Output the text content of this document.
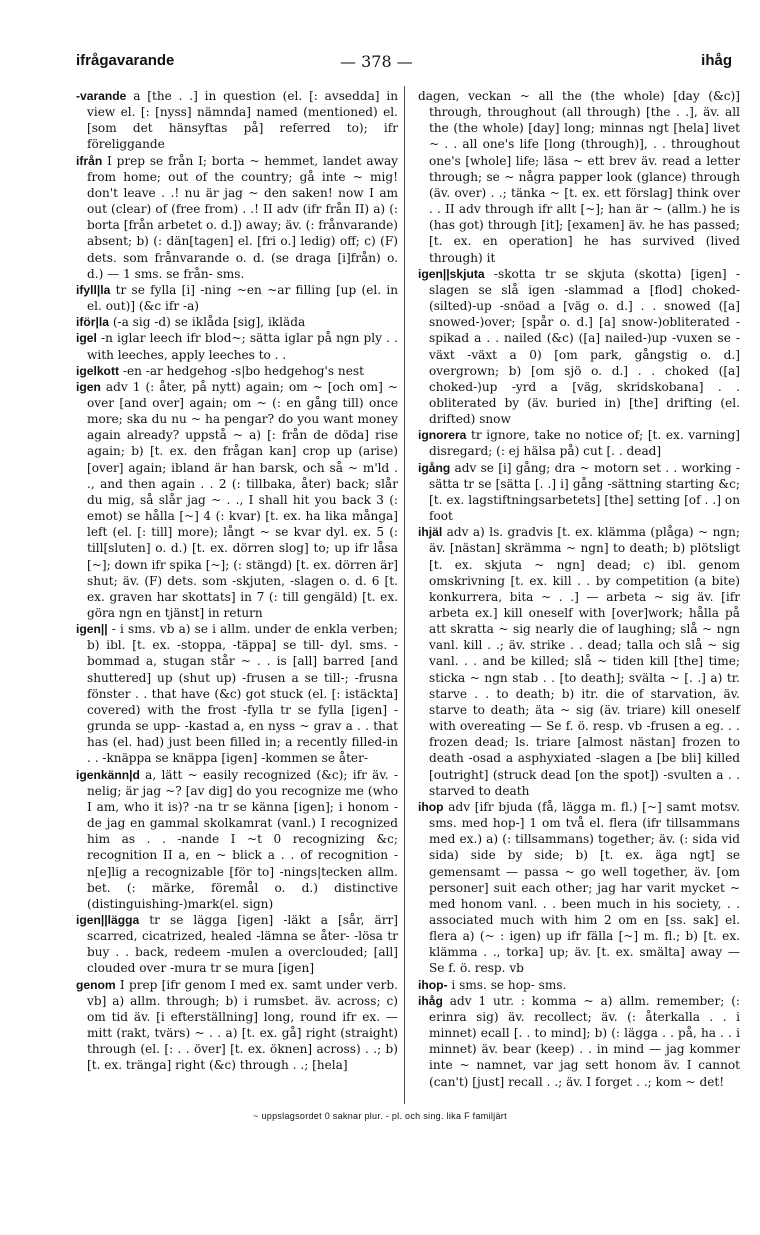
ifrågavarande	— 378 —	ihåg
-varande a [the . .] in question (el. [: avsedda] in view el. [: [nyss] nämnda] named (mentioned) el. [som det hänsyftas på] referred to); ifr föreliggande
ifrån I prep se från I; borta ~ hemmet, landet away from home; out of the country; gå inte ~ mig! don't leave . .! nu är jag ~ den saken! now I am out (clear) of (free from) . .! II adv (ifr från II) a) (: borta [från arbetet o. d.]) away; äv. (: frånvarande) absent; b) (: dän[tagen] el. [fri o.] ledig) off; c) (F) dets. som frånvarande o. d. (se draga [i]från) o. d.) — 1 sms. se från- sms.
ifyll|la tr se fylla [i] -ning ~en ~ar filling [up (el. in el. out)] (&c ifr -a)
iför|la (-a sig -d) se iklåda [sig], ikläda
igel -n iglar leech ifr blod~; sätta iglar på ngn ply . . with leeches, apply leeches to . .
igelkott -en -ar hedgehog -s|bo hedgehog's nest
igen adv 1 (: åter, på nytt) again; om ~ [och om] ~ over [and over] again; om ~ (: en gång till) once more; ska du nu ~ ha pengar? do you want money again already? uppstå ~ a) [: från de döda] rise again; b) [t. ex. den frågan kan] crop up (arise) [over] again; ibland är han barsk, och så ~ m'ld . ., and then again . . 2 (: tillbaka, åter) back; slår du mig, så slår jag ~ . ., I shall hit you back 3 (: emot) se hålla [~] 4 (: kvar) [t. ex. ha lika många] left (el. [: till] more); långt ~ se kvar dyl. ex. 5 (: till[sluten] o. d.) [t. ex. dörren slog] to; up ifr låsa [~]; down ifr spika [~]; (: stängd) [t. ex. dörren är] shut; äv. (F) dets. som -skjuten, -slagen o. d. 6 [t. ex. graven har skottats] in 7 (: till gengäld) [t. ex. göra ngn en tjänst] in return
igen|| - i sms. vb a) se i allm. under de enkla verben; b) ibl. [t. ex. -stoppa, -täppa] se till- dyl. sms. -bommad a, stugan står ~ . . is [all] barred [and shuttered] up (shut up) -frusen a se till-; -frusna fönster . . that have (&c) got stuck (el. [: istäckta] covered) with the frost -fylla tr se fylla [igen] -grunda se upp- -kastad a, en nyss ~ grav a . . that has (el. had) just been filled in; a recently filled-in . . -knäppa se knäppa [igen] -kommen se åter-
igenkänn|d a, lätt ~ easily recognized (&c); ifr äv. -nelig; är jag ~? [av dig] do you recognize me (who I am, who it is)? -na tr se känna [igen]; i honom -de jag en gammal skolkamrat (vanl.) I recognized him as . . -nande I ~t 0 recognizing &c; recognition II a, en ~ blick a . . of recognition -n[e]lig a recognizable [för to] -nings|tecken allm. bet. (: märke, föremål o. d.) distinctive (distinguishing-)mark(el. sign)
igen||lägga tr se lägga [igen] -läkt a [sår, ärr] scarred, cicatrized, healed -lämna se åter- -lösa tr buy . . back, redeem -mulen a overclouded; [all] clouded over -mura tr se mura [igen]
genom I prep [ifr genom I med ex. samt under verb. vb] a) allm. through; b) i rumsbet. äv. across; c) om tid äv. [i efterställning] long, round ifr ex. — mitt (rakt, tvärs) ~ . . a) [t. ex. gå] right (straight) through (el. [: . . över] [t. ex. öknen] across) . .; b) [t. ex. tränga] right (&c) through . .; [hela]
dagen, veckan ~ all the (the whole) [day (&c)] through, throughout (all through) [the . .], äv. all the (the whole) [day] long; minnas ngt [hela] livet ~ . . all one's life [long (through)], . . throughout one's [whole] life; läsa ~ ett brev äv. read a letter through; se ~ några papper look (glance) through (äv. over) . .; tänka ~ [t. ex. ett förslag] think over . . II adv through ifr allt [~]; han är ~ (allm.) he is (has got) through [it]; [examen] äv. he has passed; [t. ex. en operation] he has survived (lived through) it
igen||skjuta -skotta tr se skjuta (skotta) [igen] -slagen se slå igen -slammad a [flod] choked-(silted)-up -snöad a [väg o. d.] . . snowed ([a] snowed-)over; [spår o. d.] [a] snow-)obliterated -spikad a . . nailed (&c) ([a] nailed-)up -vuxen se -växt -växt a 0) [om park, gångstig o. d.] overgrown; b) [om sjö o. d.] . . choked ([a] choked-)up -yrd a [väg, skridskobana] . . obliterated by (äv. buried in) [the] drifting (el. drifted) snow
ignorera tr ignore, take no notice of; [t. ex. varning] disregard; (: ej hälsa på) cut [. . dead]
igång adv se [i] gång; dra ~ motorn set . . working -sätta tr se [sätta [. .] i] gång -sättning starting &c; [t. ex. lagstiftningsarbetets] [the] setting [of . .] on foot
ihjäl adv a) ls. gradvis [t. ex. klämma (plåga) ~ ngn; äv. [nästan] skrämma ~ ngn] to death; b) plötsligt [t. ex. skjuta ~ ngn] dead; c) ibl. genom omskrivning [t. ex. kill . . by competition (a bite) konkurrera, bita ~ . .] — arbeta ~ sig äv. [ifr arbeta ex.] kill oneself with [over]work; hålla på att skratta ~ sig nearly die of laughing; slå ~ ngn vanl. kill . .; äv. strike . . dead; talla och slå ~ sig vanl. . . and be killed; slå ~ tiden kill [the] time; sticka ~ ngn stab . . [to death]; svälta ~ [. .] a) tr. starve . . to death; b) itr. die of starvation, äv. starve to death; äta ~ sig (äv. triare) kill oneself with overeating — Se f. ö. resp. vb -frusen a eg. . . frozen dead; ls. triare [almost nästan] frozen to death -osad a asphyxiated -slagen a [be bli] killed [outright] (struck dead [on the spot]) -svulten a . . starved to death
ihop adv [ifr bjuda (få, lägga m. fl.) [~] samt motsv. sms. med hop-] 1 om två el. flera (ifr tillsammans med ex.) a) (: tillsammans) together; äv. (: sida vid sida) side by side; b) [t. ex. äga ngt] se gemensamt — passa ~ go well together, äv. [om personer] suit each other; jag har varit mycket ~ med honom vanl. . . been much in his society, . . associated much with him 2 om en [ss. sak] el. flera a) (~ : igen) up ifr fälla [~] m. fl.; b) [t. ex. klämma . ., torka] up; äv. [t. ex. smälta] away — Se f. ö. resp. vb
ihop- i sms. se hop- sms.
ihåg adv 1 utr. : komma ~ a) allm. remember; (: erinra sig) äv. recollect; äv. (: återkalla . . i minnet) ecall [. . to mind]; b) (: lägga . . på, ha . . i minnet) äv. bear (keep) . . in mind — jag kommer inte ~ namnet, var jag sett honom äv. I cannot (can't) [just] recall . .; äv. I forget . .; kom ~ det!
~ uppslagsordet 0 saknar plur. - pl. och sing. lika F familjärt
